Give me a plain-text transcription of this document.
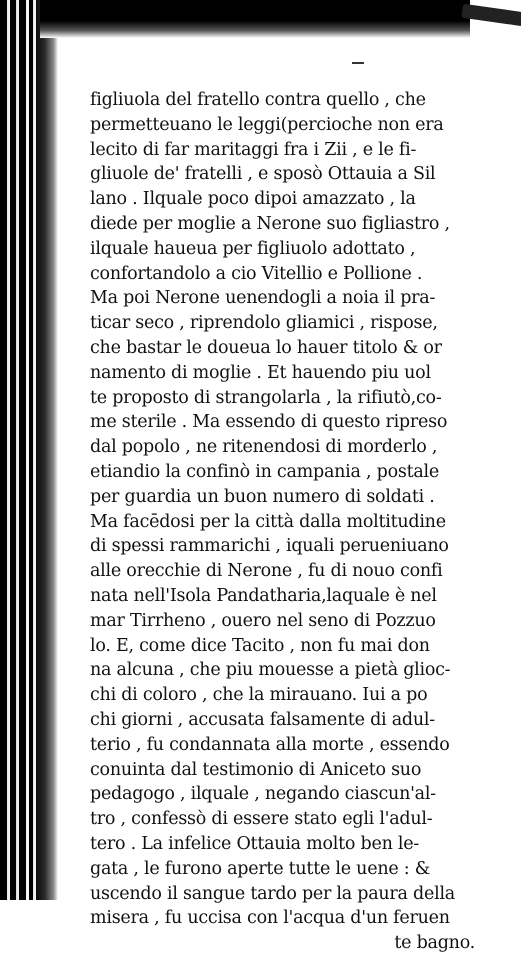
figliuola del fratello contra quello , che
permetteuano le leggi(percioche non era
lecito di far maritaggi fra i Zii , e le fi-
gliuole de' fratelli , e sposò Ottauia a Sil
lano . Ilquale poco dipoi amazzato , la
diede per moglie a Nerone suo figliastro ,
ilquale haueua per figliuolo adottato ,
confortandolo a cio Vitellio e Pollione .
Ma poi Nerone uenendogli a noia il pra-
ticar seco , riprendolo gliamici , rispose,
che bastar le doueua lo hauer titolo & or
namento di moglie . Et hauendo piu uol
te proposto di strangolarla , la rifiutò,co-
me sterile . Ma essendo di questo ripreso
dal popolo , ne ritenendosi di morderlo ,
etiandio la confinò in campania , postale
per guardia un buon numero di soldati .
Ma facēdosi per la città dalla moltitudine
di spessi rammarichi , iquali perueniuano
alle orecchie di Nerone , fu di nouo confi
nata nell'Isola Pandatharia,laquale è nel
mar Tirrheno , ouero nel seno di Pozzuo
lo. E, come dice Tacito , non fu mai don
na alcuna , che piu mouesse a pietà glioc-
chi di coloro , che la mirauano. Iui a po
chi giorni , accusata falsamente di adul-
terio , fu condannata alla morte , essendo
conuinta dal testimonio di Aniceto suo
pedagogo , ilquale , negando ciascun'al-
tro , confessò di essere stato egli l'adul-
tero . La infelice Ottauia molto ben le-
gata , le furono aperte tutte le uene : &
uscendo il sangue tardo per la paura della
misera , fu uccisa con l'acqua d'un feruen
te bagno.
